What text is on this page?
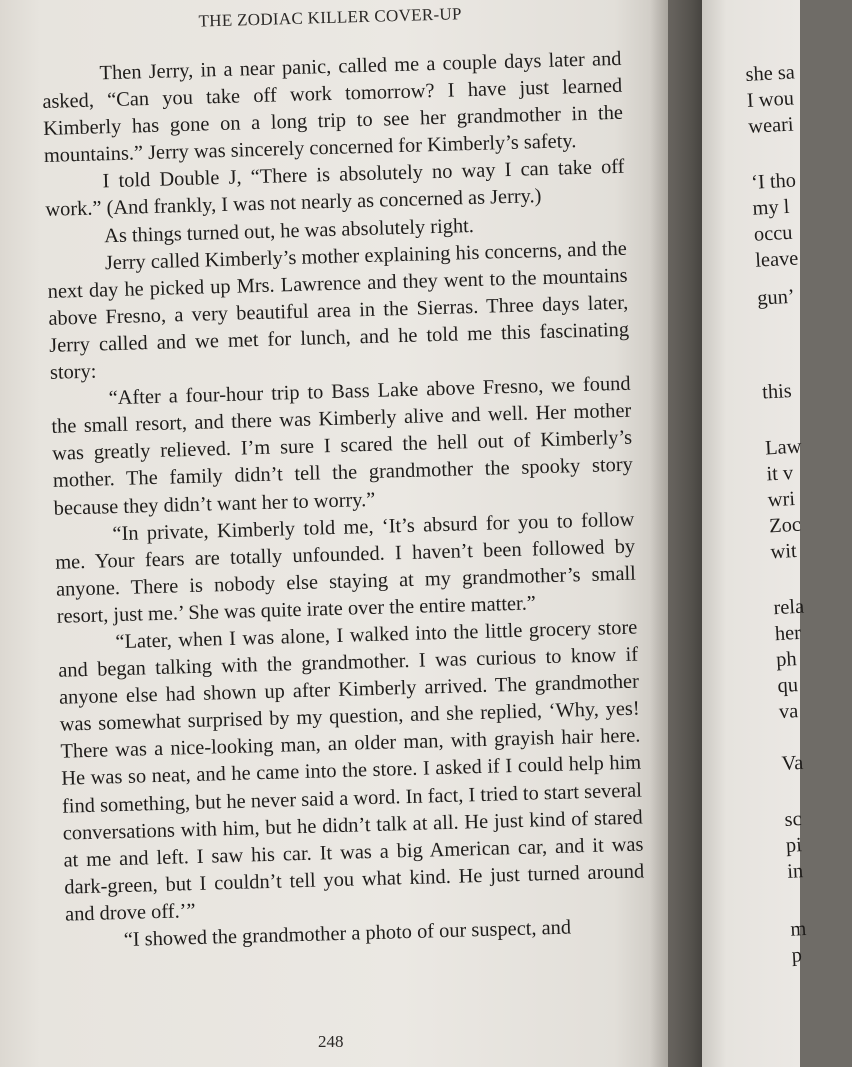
THE ZODIAC KILLER COVER-UP

Then Jerry, in a near panic, called me a couple days later and asked, “Can you take off work tomorrow? I have just learned Kimberly has gone on a long trip to see her grandmother in the mountains.” Jerry was sincerely concerned for Kimberly’s safety.

I told Double J, “There is absolutely no way I can take off work.” (And frankly, I was not nearly as concerned as Jerry.)

As things turned out, he was absolutely right.

Jerry called Kimberly’s mother explaining his concerns, and the next day he picked up Mrs. Lawrence and they went to the mountains above Fresno, a very beautiful area in the Sierras. Three days later, Jerry called and we met for lunch, and he told me this fascinating story:

“After a four-hour trip to Bass Lake above Fresno, we found the small resort, and there was Kimberly alive and well. Her mother was greatly relieved. I’m sure I scared the hell out of Kimberly’s mother. The family didn’t tell the grandmother the spooky story because they didn’t want her to worry.”

“In private, Kimberly told me, ‘It’s absurd for you to follow me. Your fears are totally unfounded. I haven’t been followed by anyone. There is nobody else staying at my grandmother’s small resort, just me.’ She was quite irate over the entire matter.”

“Later, when I was alone, I walked into the little grocery store and began talking with the grandmother. I was curious to know if anyone else had shown up after Kimberly arrived. The grandmother was somewhat surprised by my question, and she replied, ‘Why, yes! There was a nice-looking man, an older man, with grayish hair here. He was so neat, and he came into the store. I asked if I could help him find something, but he never said a word. In fact, I tried to start several conversations with him, but he didn’t talk at all. He just kind of stared at me and left. I saw his car. It was a big American car, and it was dark-green, but I couldn’t tell you what kind. He just turned around and drove off.’”

“I showed the grandmother a photo of our suspect, and

248
she sa
I wou
weari
‘I tho
my l
occu
leave
gun’
this
Law
it v
wri
Zoc
wit
rela
her
ph
qu
va
Va
sc
pi
in
m
p
